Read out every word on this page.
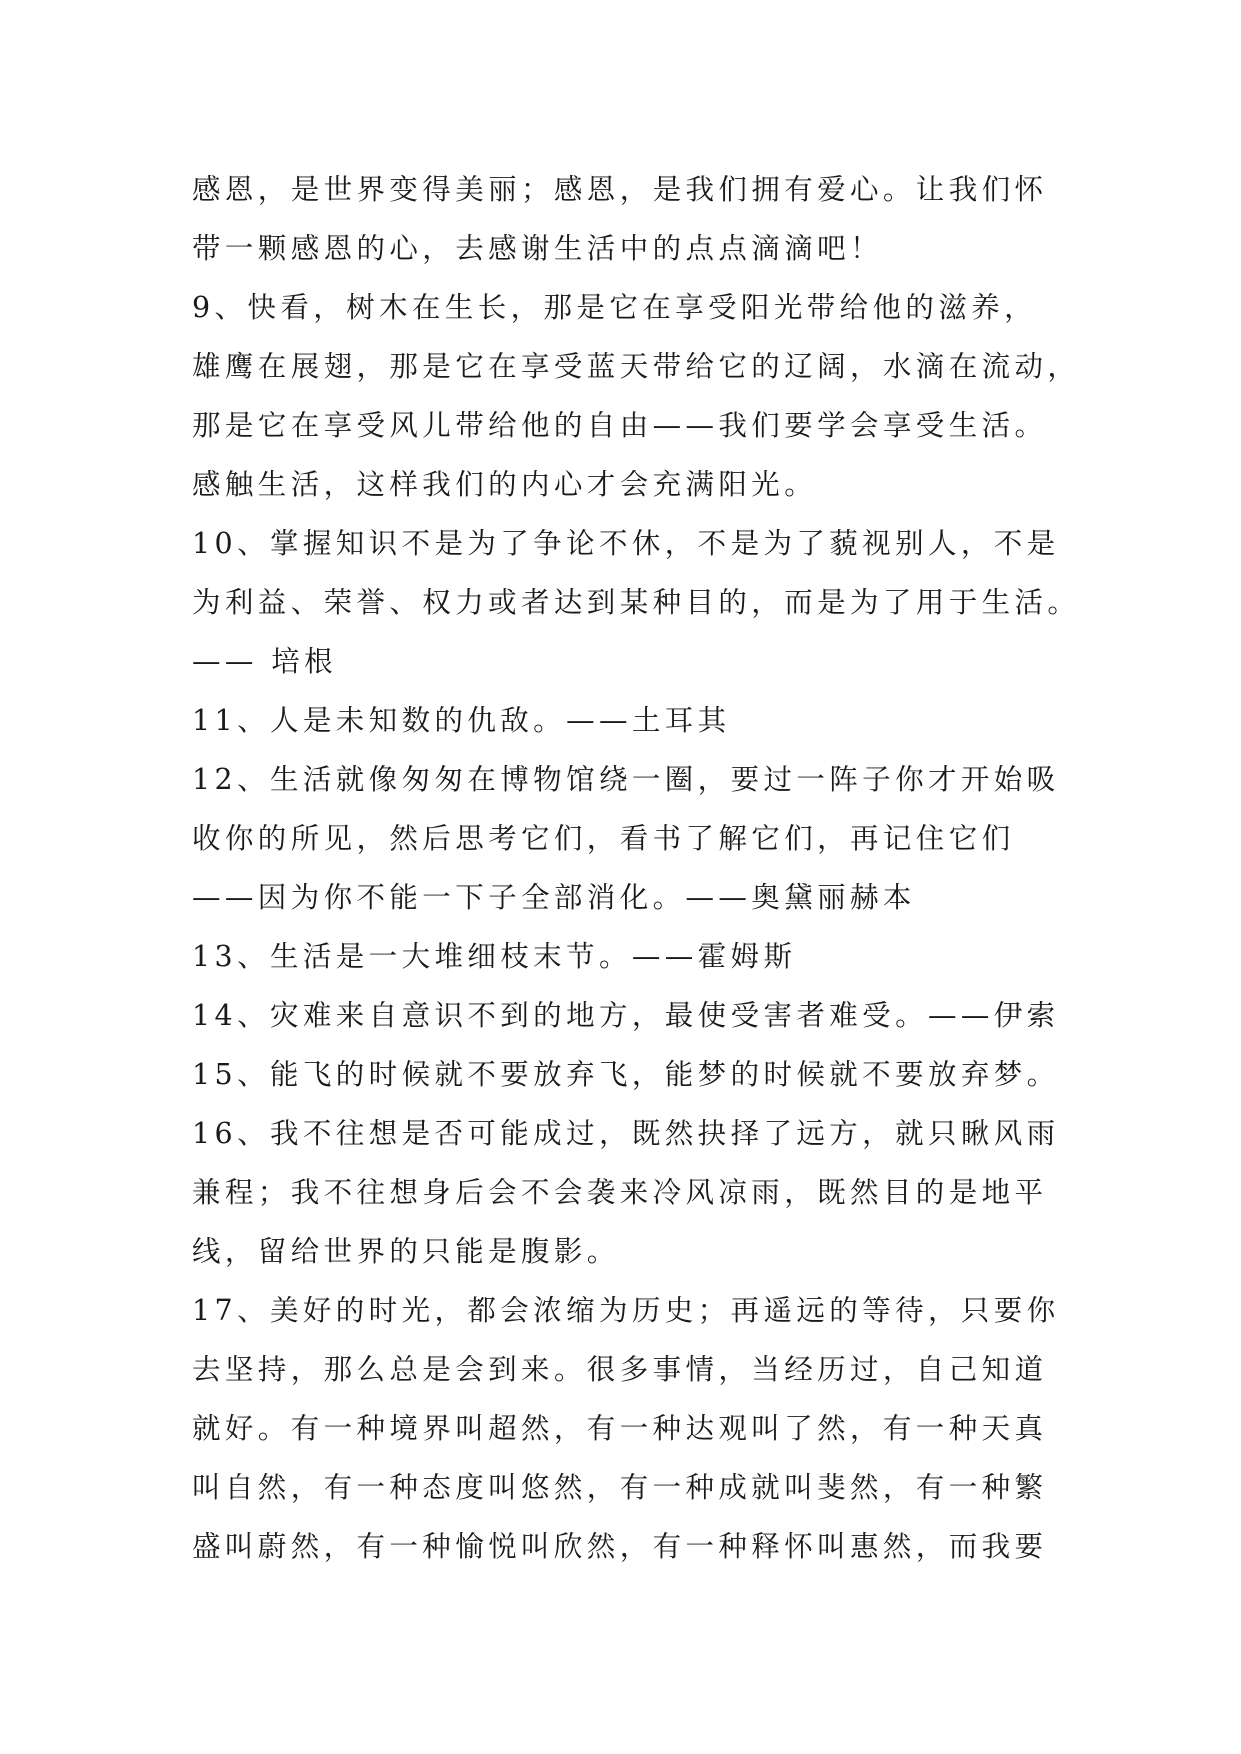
感恩，是世界变得美丽；感恩，是我们拥有爱心。让我们怀
带一颗感恩的心，去感谢生活中的点点滴滴吧！
9、快看，树木在生长，那是它在享受阳光带给他的滋养，
雄鹰在展翅，那是它在享受蓝天带给它的辽阔，水滴在流动，
那是它在享受风儿带给他的自由——我们要学会享受生活。
感触生活，这样我们的内心才会充满阳光。
10、掌握知识不是为了争论不休，不是为了藐视别人，不是
为利益、荣誉、权力或者达到某种目的，而是为了用于生活。
—— 培根
11、人是未知数的仇敌。——土耳其
12、生活就像匆匆在博物馆绕一圈，要过一阵子你才开始吸
收你的所见，然后思考它们，看书了解它们，再记住它们
——因为你不能一下子全部消化。——奥黛丽赫本
13、生活是一大堆细枝末节。——霍姆斯
14、灾难来自意识不到的地方，最使受害者难受。——伊索
15、能飞的时候就不要放弃飞，能梦的时候就不要放弃梦。
16、我不往想是否可能成过，既然抉择了远方，就只瞅风雨
兼程；我不往想身后会不会袭来冷风凉雨，既然目的是地平
线，留给世界的只能是腹影。
17、美好的时光，都会浓缩为历史；再遥远的等待，只要你
去坚持，那么总是会到来。很多事情，当经历过，自己知道
就好。有一种境界叫超然，有一种达观叫了然，有一种天真
叫自然，有一种态度叫悠然，有一种成就叫斐然，有一种繁
盛叫蔚然，有一种愉悦叫欣然，有一种释怀叫惠然，而我要
